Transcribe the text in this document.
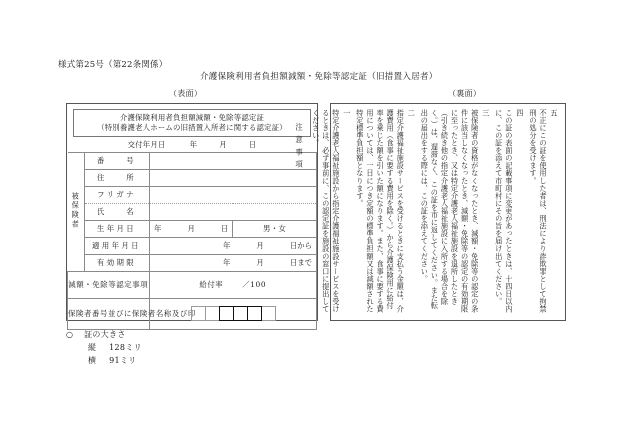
様式第25号（第22条関係）
介護保険利用者負担額減額・免除等認定証（旧措置入居者）
（表面）	（裏面）
介護保険利用者負担額減額・免除等認定証
（特別養護老人ホームの旧措置入所者に関する認定証）
交付年月日	年	月	日
被保険者	番　　号		
	住　　所		
	フリガナ		
	氏　　名		
	生年月日	年 月 日	男・女
	適用年月日	年 月 日から	

	有効期限	年 月 日まで	

減額・免除等認定事項		給付率 ／100	
保険者番号並びに保険者名称及び印			
○ 証の大きさ
縦 128ミリ
横 91ミリ
五
不正にこの証を使用した者は、刑法により詐欺罪として拘禁刑の処分を受けます。
四
この証の表面の記載事項に変更があったときは、十四日以内に、この証を添えて市町村にその旨を届け出てください。
三
被保険者の資格がなくなったとき、減額・免除等の認定の条件に該当しなくなったとき、減額・免除等の認定の有効期限に至ったとき、又は特定介護老人福祉施設を退所したとき（引き続き他の指定介護老人福祉施設に入所する場合を除く。）は、遅滞なく、この証を市に返してください。また転出の届出をする際には、この証を添えてください。
二
指定介護福祉施設サービスを受けるときに支払う金額は、介護費用（食事に要する費用を除く。）から介護保険用に給付率を乗じた額を引いた額になります。また、食事に要する費用については、一日につき定額の標準負担額又は減額された特定標準負担額となります。
一
特定介護老人福祉施設から指定介護福祉施設サービスを受けるときは、必ず事前に、この認定証を施設の窓口に提出してください。
注意事項
